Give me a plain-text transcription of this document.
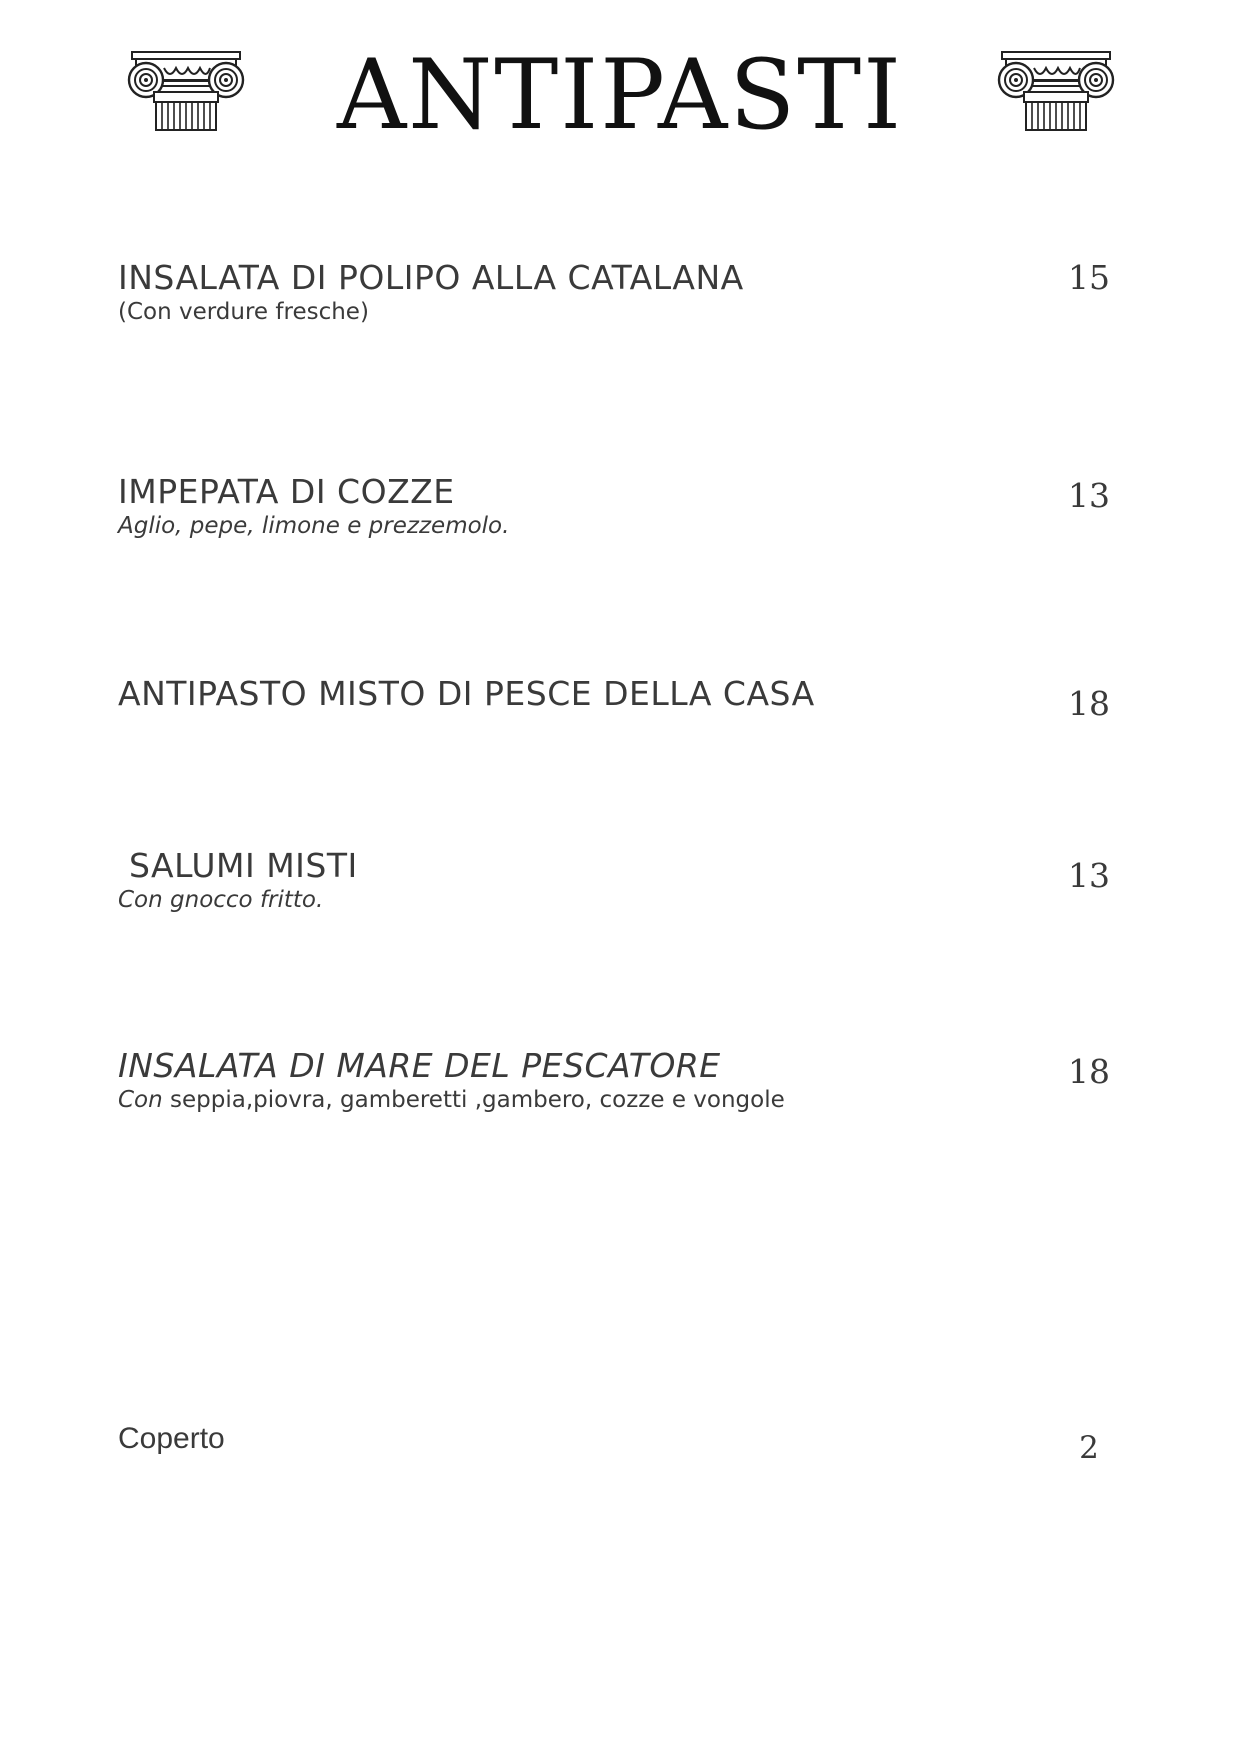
ANTIPASTI
INSALATA DI POLIPO ALLA CATALANA
(Con verdure fresche)
15
IMPEPATA DI COZZE
Aglio, pepe, limone e prezzemolo.
13
ANTIPASTO MISTO DI PESCE DELLA CASA	18
SALUMI MISTI
Con gnocco fritto.
13
INSALATA DI MARE DEL PESCATORE
Con seppia,piovra, gamberetti ,gambero, cozze e vongole
18
Coperto	2
